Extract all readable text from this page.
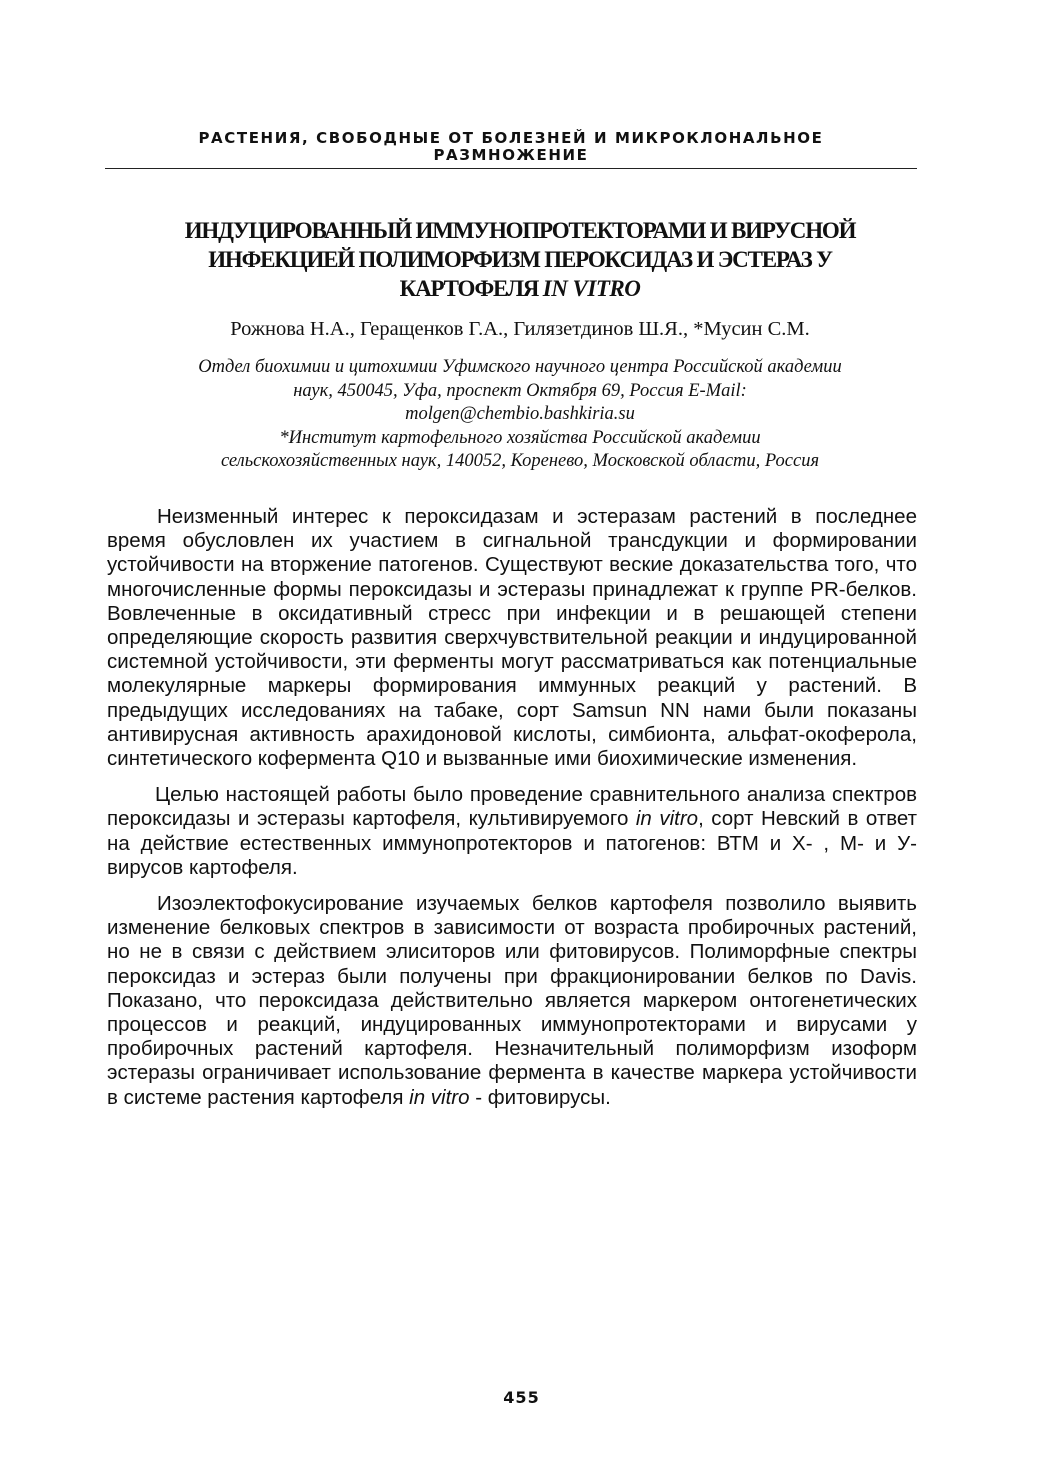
РАСТЕНИЯ, СВОБОДНЫЕ ОТ БОЛЕЗНЕЙ И МИКРОКЛОНАЛЬНОЕ
РАЗМНОЖЕНИЕ
ИНДУЦИРОВАННЫЙ ИММУНОПРОТЕКТОРАМИ И ВИРУСНОЙ
ИНФЕКЦИЕЙ ПОЛИМОРФИЗМ ПЕРОКСИДАЗ И ЭСТЕРАЗ У
КАРТОФЕЛЯ IN VITRO
Рожнова Н.А., Геращенков Г.А., Гилязетдинов Ш.Я., *Мусин С.М.
Отдел биохимии и цитохимии Уфимского научного центра Российской академии
наук, 450045, Уфа, проспект Октября 69, Россия E-Mail:
molgen@chembio.bashkiria.su
*Институт картофельного хозяйства Российской академии
сельскохозяйственных наук, 140052, Коренево, Московской области, Россия

Неизменный интерес к пероксидазам и эстеразам растений в последнее время обусловлен их участием в сигнальной трансдукции и формировании устойчивости на вторжение патогенов. Существуют веские доказательства того, что многочисленные формы пероксидазы и эстеразы принадлежат к группе PR-белков. Вовлеченные в оксидативный стресс при инфекции и в решающей степени определяющие скорость развития сверхчувствительной реакции и индуцированной системной устойчивости, эти ферменты могут рассматриваться как потенциальные молекулярные маркеры формирования иммунных реакций у растений. В предыдущих исследованиях на табаке, сорт Samsun NN нами были показаны антивирусная активность арахидоновой кислоты, симбионта, альфат-окоферола, синтетического кофермента Q10 и вызванные ими биохимические изменения.

Целью настоящей работы было проведение сравнительного анализа спектров пероксидазы и эстеразы картофеля, культивируемого in vitro, сорт Невский в ответ на действие естественных иммунопротекторов и патогенов: ВТМ и Х- , М- и У- вирусов картофеля.

Изоэлектофокусирование изучаемых белков картофеля позволило выявить изменение белковых спектров в зависимости от возраста пробирочных растений, но не в связи с действием элиситоров или фитовирусов. Полиморфные спектры пероксидаз и эстераз были получены при фракционировании белков по Davis. Показано, что пероксидаза действительно является маркером онтогенетических процессов и реакций, индуцированных иммунопротекторами и вирусами у пробирочных растений картофеля. Незначительный полиморфизм изоформ эстеразы ограничивает использование фермента в качестве маркера устойчивости в системе растения картофеля in vitro - фитовирусы.

455
